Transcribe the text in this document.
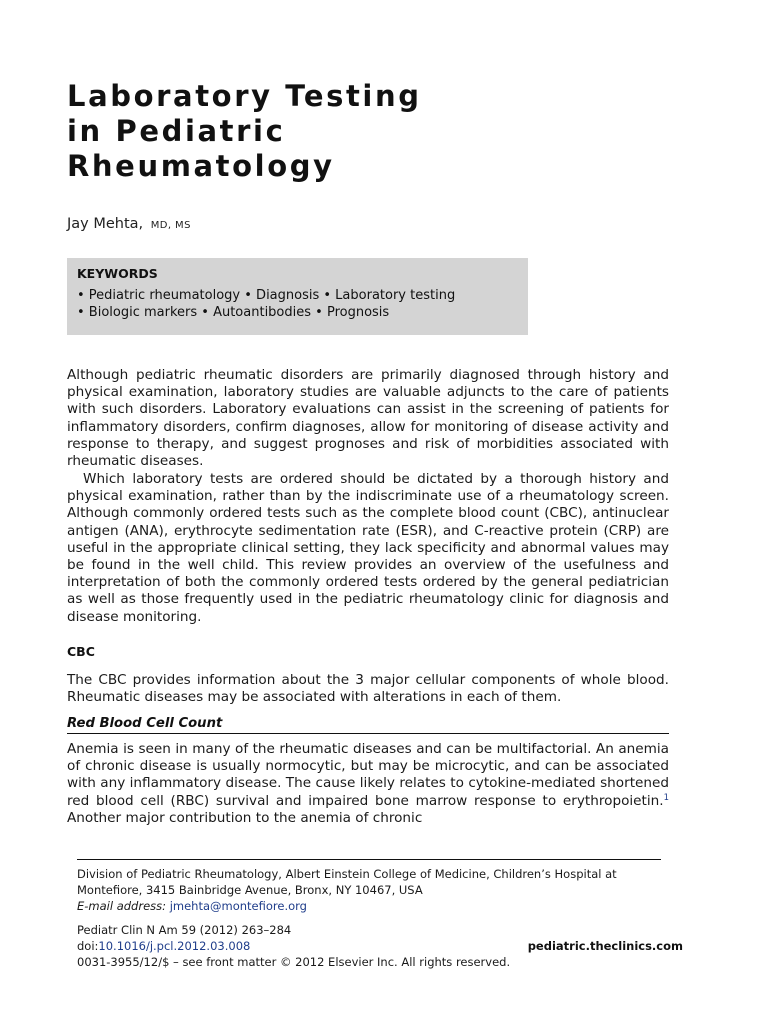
Laboratory Testing
in Pediatric
Rheumatology
Jay Mehta, MD, MS
KEYWORDS
• Pediatric rheumatology • Diagnosis • Laboratory testing
• Biologic markers • Autoantibodies • Prognosis

Although pediatric rheumatic disorders are primarily diagnosed through history and physical examination, laboratory studies are valuable adjuncts to the care of patients with such disorders. Laboratory evaluations can assist in the screening of patients for inflammatory disorders, confirm diagnoses, allow for monitoring of disease activity and response to therapy, and suggest prognoses and risk of morbidities associated with rheumatic diseases.

Which laboratory tests are ordered should be dictated by a thorough history and physical examination, rather than by the indiscriminate use of a rheumatology screen. Although commonly ordered tests such as the complete blood count (CBC), antinuclear antigen (ANA), erythrocyte sedimentation rate (ESR), and C-reactive protein (CRP) are useful in the appropriate clinical setting, they lack specificity and abnormal values may be found in the well child. This review provides an overview of the usefulness and interpretation of both the commonly ordered tests ordered by the general pediatrician as well as those frequently used in the pediatric rheumatology clinic for diagnosis and disease monitoring.

CBC

The CBC provides information about the 3 major cellular components of whole blood. Rheumatic diseases may be associated with alterations in each of them.

Red Blood Cell Count

Anemia is seen in many of the rheumatic diseases and can be multifactorial. An anemia of chronic disease is usually normocytic, but may be microcytic, and can be associated with any inflammatory disease. The cause likely relates to cytokine-mediated shortened red blood cell (RBC) survival and impaired bone marrow response to erythropoietin.$^1$ Another major contribution to the anemia of chronic

Division of Pediatric Rheumatology, Albert Einstein College of Medicine, Children’s Hospital at
Montefiore, 3415 Bainbridge Avenue, Bronx, NY 10467, USA
E-mail address: jmehta@montefiore.org
Pediatr Clin N Am 59 (2012) 263–284
doi:10.1016/j.pcl.2012.03.008
0031-3955/12/$ – see front matter © 2012 Elsevier Inc. All rights reserved.
pediatric.theclinics.com
